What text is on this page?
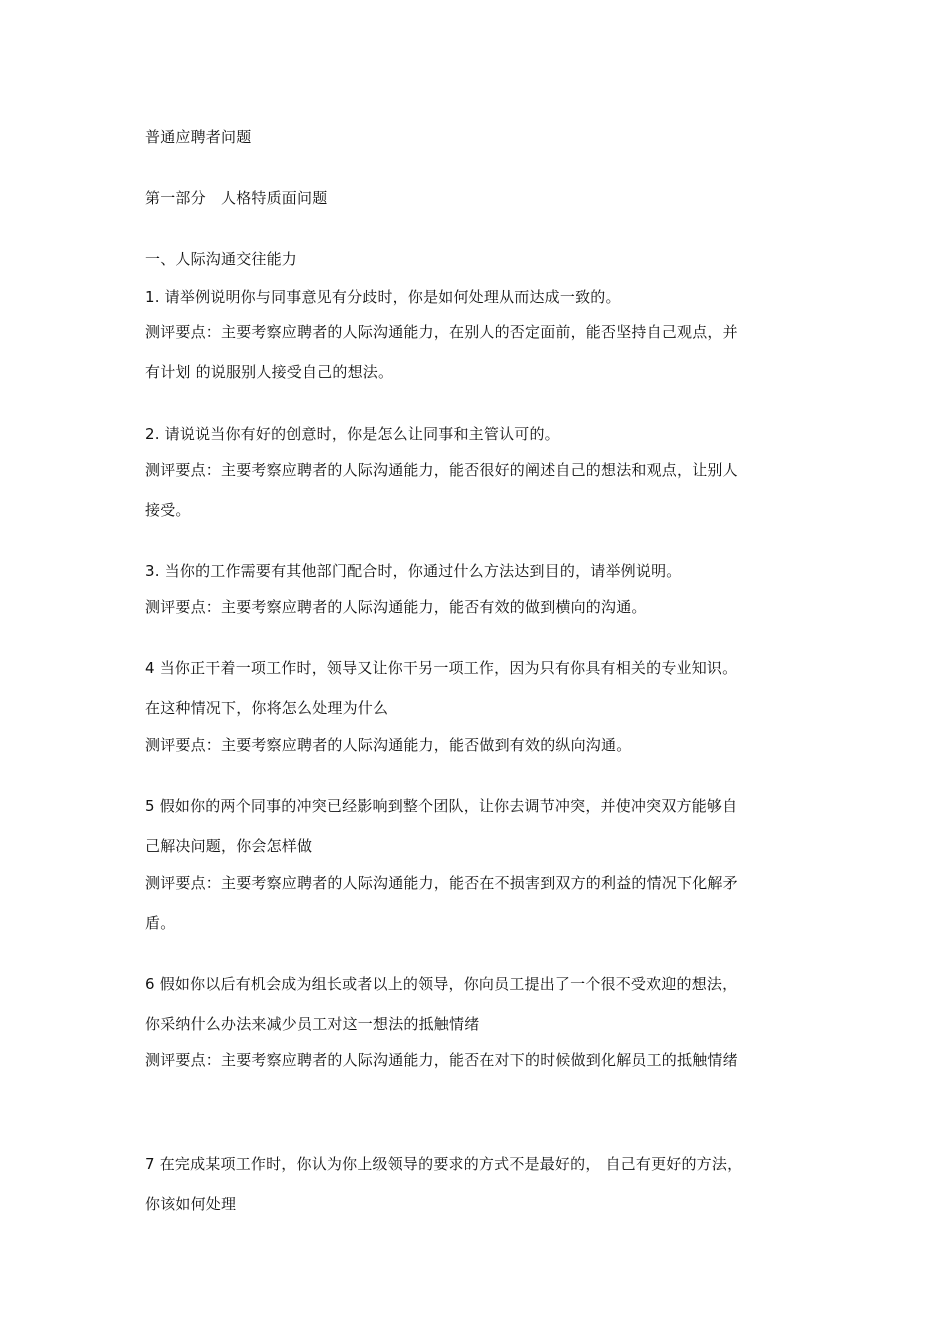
普通应聘者问题
第一部分　人格特质面问题
一、人际沟通交往能力
1. 请举例说明你与同事意见有分歧时，你是如何处理从而达成一致的。
测评要点：主要考察应聘者的人际沟通能力，在别人的否定面前，能否坚持自己观点，并
有计划 的说服别人接受自己的想法。
2. 请说说当你有好的创意时，你是怎么让同事和主管认可的。
测评要点：主要考察应聘者的人际沟通能力，能否很好的阐述自己的想法和观点，让别人
接受。
3. 当你的工作需要有其他部门配合时，你通过什么方法达到目的，请举例说明。
测评要点：主要考察应聘者的人际沟通能力，能否有效的做到横向的沟通。
4 当你正干着一项工作时，领导又让你干另一项工作，因为只有你具有相关的专业知识。
在这种情况下，你将怎么处理为什么
测评要点：主要考察应聘者的人际沟通能力，能否做到有效的纵向沟通。
5 假如你的两个同事的冲突已经影响到整个团队，让你去调节冲突，并使冲突双方能够自
己解决问题，你会怎样做
测评要点：主要考察应聘者的人际沟通能力，能否在不损害到双方的利益的情况下化解矛
盾。
6 假如你以后有机会成为组长或者以上的领导，你向员工提出了一个很不受欢迎的想法，
你采纳什么办法来减少员工对这一想法的抵触情绪
测评要点：主要考察应聘者的人际沟通能力，能否在对下的时候做到化解员工的抵触情绪
7 在完成某项工作时，你认为你上级领导的要求的方式不是最好的， 自己有更好的方法，
你该如何处理
